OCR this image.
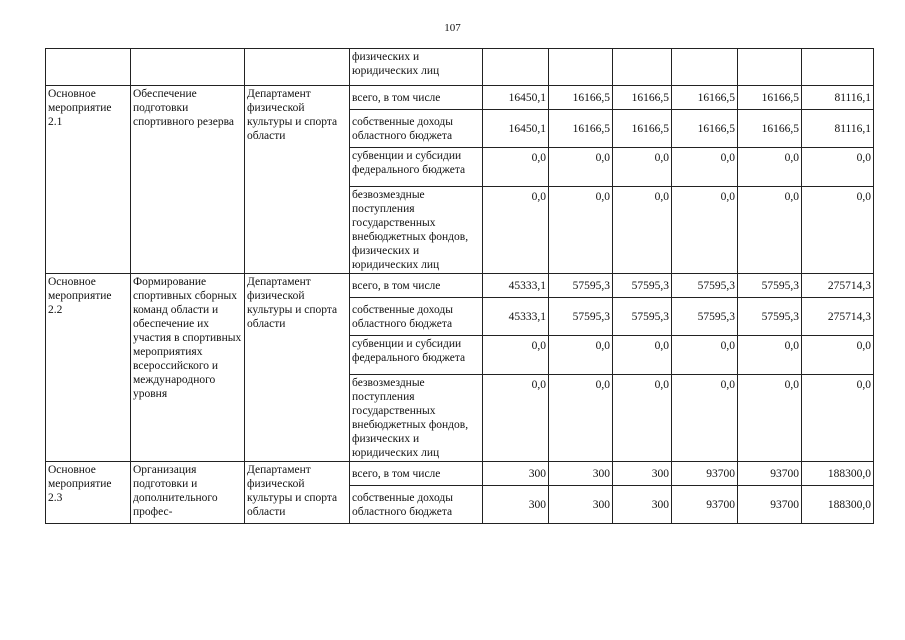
107
			физических и юридических лиц						
Основное мероприятие 2.1	Обеспечение подготовки спортивного резерва	Департамент физической культуры и спорта области	всего, в том числе	16450,1	16166,5	16166,5	16166,5	16166,5	81116,1
			собственные доходы областного бюджета	16450,1	16166,5	16166,5	16166,5	16166,5	81116,1
			субвенции и субсидии федерального бюджета	0,0	0,0	0,0	0,0	0,0	0,0
			безвозмездные поступления государственных внебюджетных фондов, физических и юридических лиц	0,0	0,0	0,0	0,0	0,0	0,0
Основное мероприятие 2.2	Формирование спортивных сборных команд области и обеспечение их участия в спортивных мероприятиях всероссийского и международного уровня	Департамент физической культуры и спорта области	всего, в том числе	45333,1	57595,3	57595,3	57595,3	57595,3	275714,3
			собственные доходы областного бюджета	45333,1	57595,3	57595,3	57595,3	57595,3	275714,3
			субвенции и субсидии федерального бюджета	0,0	0,0	0,0	0,0	0,0	0,0
			безвозмездные поступления государственных внебюджетных фондов, физических и юридических лиц	0,0	0,0	0,0	0,0	0,0	0,0
Основное мероприятие 2.3	Организация подготовки и дополнительного профес-	Департамент физической культуры и спорта области	всего, в том числе	300	300	300	93700	93700	188300,0
			собственные доходы областного бюджета	300	300	300	93700	93700	188300,0
